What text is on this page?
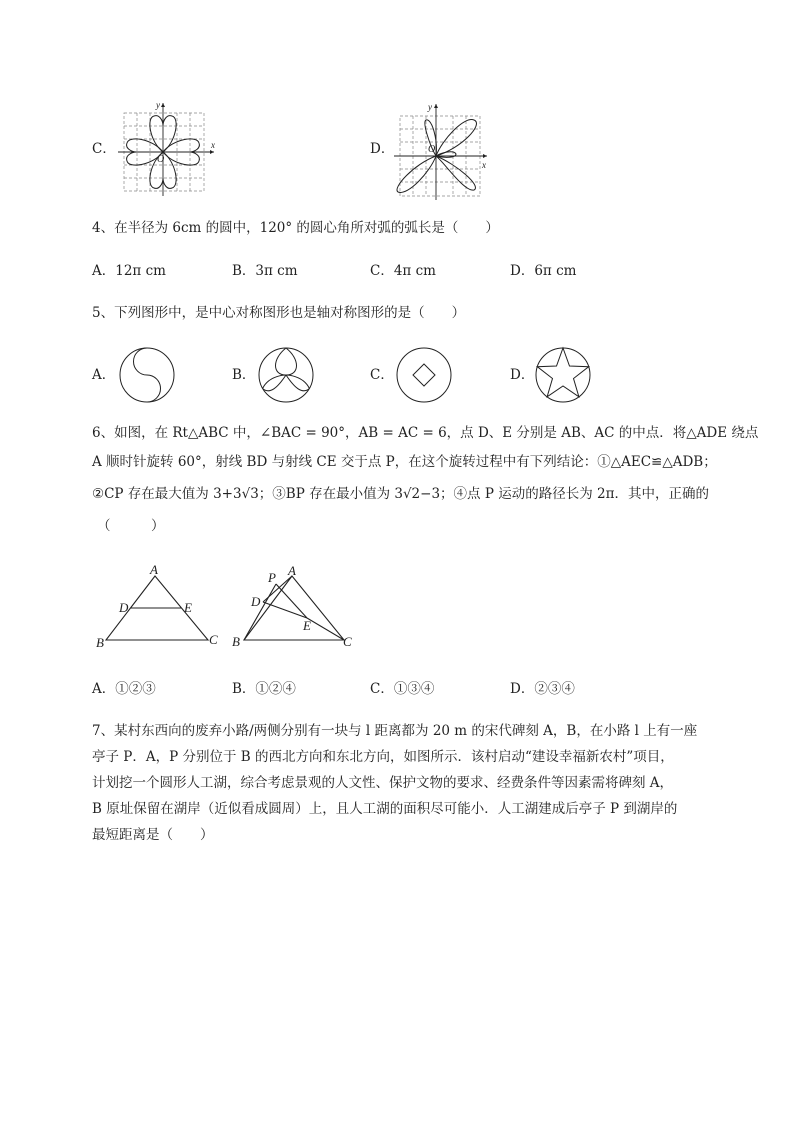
C．
O
x
y
D．	O
x
y
4、在半径为 6cm 的圆中，120° 的圆心角所对弧的弧长是（　　）
A．12π cm	B．3π cm	C．4π cm	D．6π cm
5、下列图形中，是中心对称图形也是轴对称图形的是（　　）
A．	B．	C．	D．
6、如图，在 Rt△ABC 中，∠BAC = 90°，AB = AC = 6，点 D、E 分别是 AB、AC 的中点．将△ADE 绕点
A 顺时针旋转 60°，射线 BD 与射线 CE 交于点 P，在这个旋转过程中有下列结论：①△AEC≌△ADB；
②CP 存在最大值为 3+3√3；③BP 存在最小值为 3√2−3；④点 P 运动的路径长为 2π．其中，正确的
（　　　）
A
B	C
D	E
A
P
D
E
B	C
A．①②③	B．①②④	C．①③④	D．②③④
7、某村东西向的废弃小路/两侧分别有一块与 l 距离都为 20 m 的宋代碑刻 A，B，在小路 l 上有一座
亭子 P．A，P 分别位于 B 的西北方向和东北方向，如图所示．该村启动“建设幸福新农村”项目，
计划挖一个圆形人工湖，综合考虑景观的人文性、保护文物的要求、经费条件等因素需将碑刻 A，
B 原址保留在湖岸（近似看成圆周）上，且人工湖的面积尽可能小．人工湖建成后亭子 P 到湖岸的
最短距离是（　　）
